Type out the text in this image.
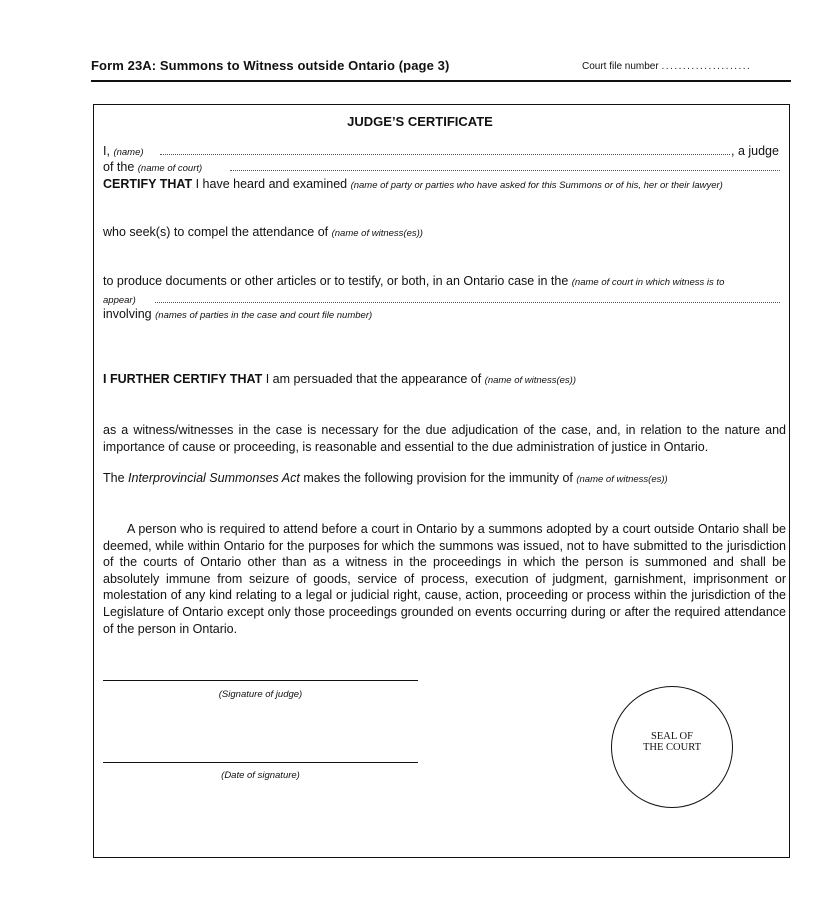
Form 23A: Summons to Witness outside Ontario (page 3)	Court file number .....................
JUDGE’S CERTIFICATE
I, (name)	, a judge
of the (name of court)
CERTIFY THAT I have heard and examined (name of party or parties who have asked for this Summons or of his, her or their lawyer)
who seek(s) to compel the attendance of (name of witness(es))
to produce documents or other articles or to testify, or both, in an Ontario case in the (name of court in which witness is to
appear)
involving (names of parties in the case and court file number)
I FURTHER CERTIFY THAT I am persuaded that the appearance of (name of witness(es))
as a witness/witnesses in the case is necessary for the due adjudication of the case, and, in relation to the nature and importance of cause or proceeding, is reasonable and essential to the due administration of justice in Ontario.
The Interprovincial Summonses Act makes the following provision for the immunity of (name of witness(es))
A person who is required to attend before a court in Ontario by a summons adopted by a court outside Ontario shall be deemed, while within Ontario for the purposes for which the summons was issued, not to have submitted to the jurisdiction of the courts of Ontario other than as a witness in the proceedings in which the person is summoned and shall be absolutely immune from seizure of goods, service of process, execution of judgment, garnishment, imprisonment or molestation of any kind relating to a legal or judicial right, cause, action, proceeding or process within the jurisdiction of the Legislature of Ontario except only those proceedings grounded on events occurring during or after the required attendance of the person in Ontario.
(Signature of judge)
(Date of signature)
SEAL OF
THE COURT
